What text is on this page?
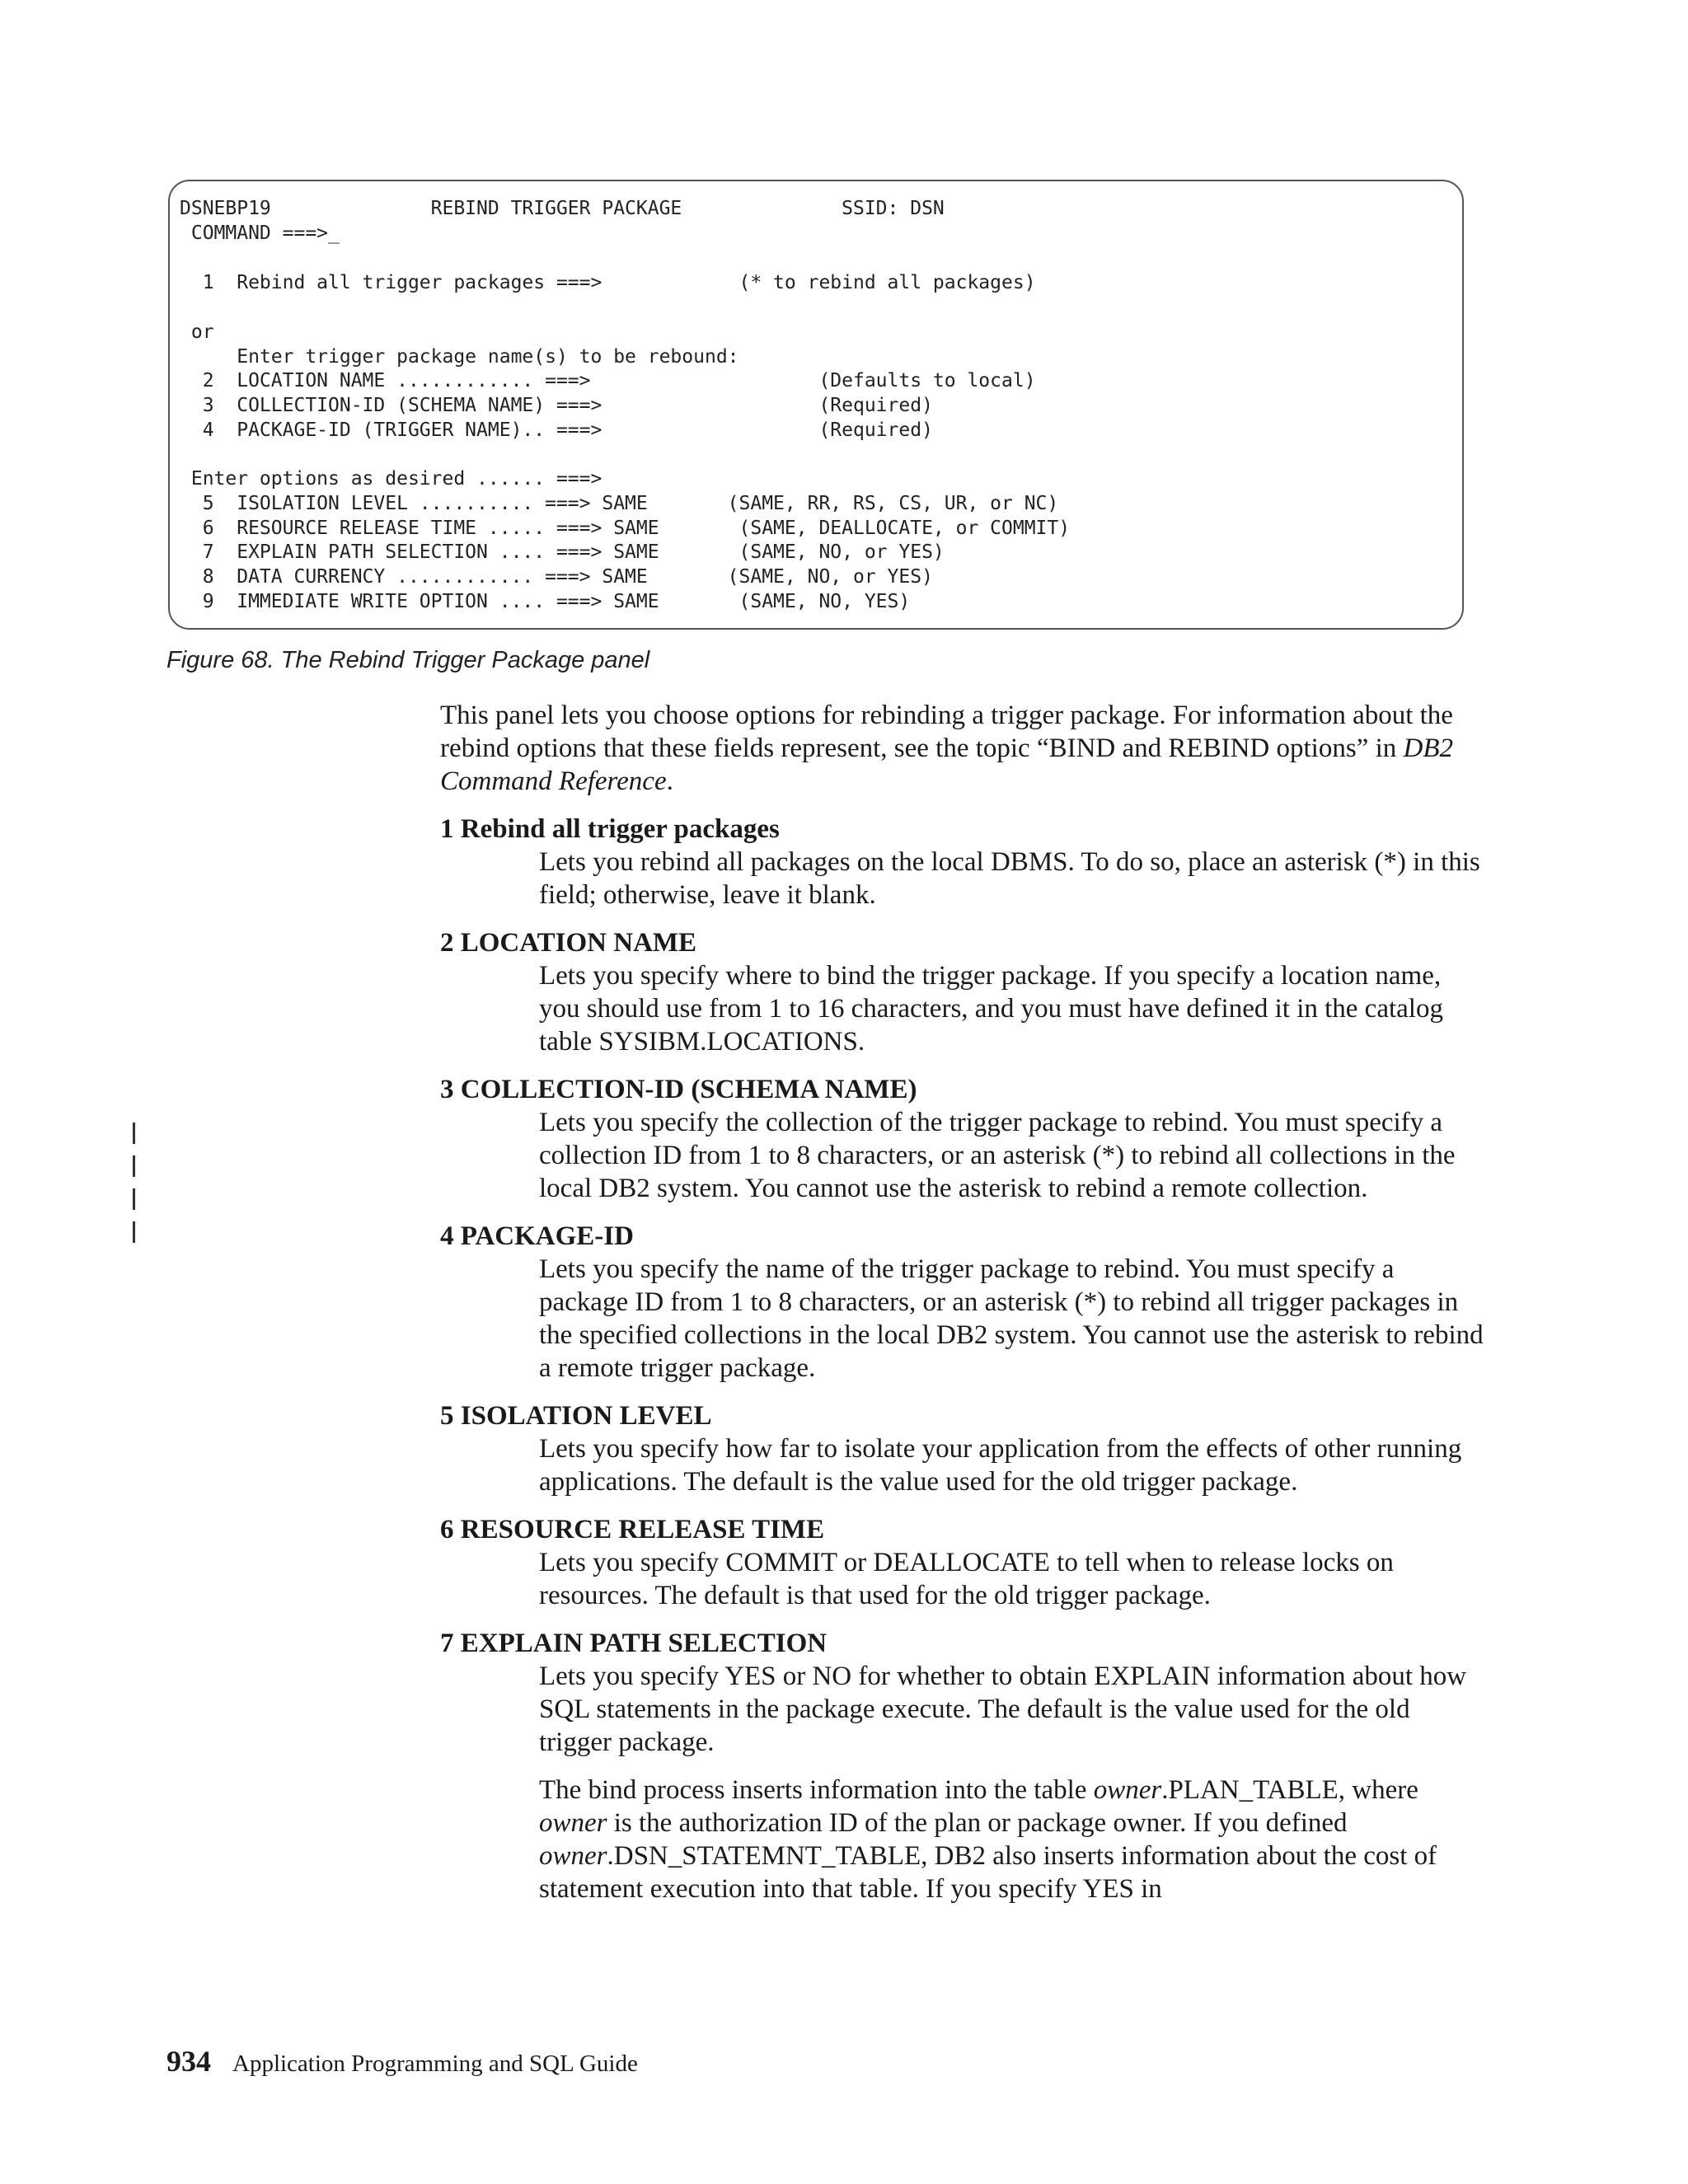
DSNEBP19              REBIND TRIGGER PACKAGE              SSID: DSN
COMMAND ===>_
1  Rebind all trigger packages ===>            (* to rebind all packages)
or
Enter trigger package name(s) to be rebound:
2  LOCATION NAME ............ ===>                    (Defaults to local)
3  COLLECTION-ID (SCHEMA NAME) ===>                   (Required)
4  PACKAGE-ID (TRIGGER NAME).. ===>                   (Required)
Enter options as desired ...... ===>
5  ISOLATION LEVEL .......... ===> SAME       (SAME, RR, RS, CS, UR, or NC)
6  RESOURCE RELEASE TIME ..... ===> SAME       (SAME, DEALLOCATE, or COMMIT)
7  EXPLAIN PATH SELECTION .... ===> SAME       (SAME, NO, or YES)
8  DATA CURRENCY ............ ===> SAME       (SAME, NO, or YES)
9  IMMEDIATE WRITE OPTION .... ===> SAME       (SAME, NO, YES)

Figure 68. The Rebind Trigger Package panel

This panel lets you choose options for rebinding a trigger package. For information about the rebind options that these fields represent, see the topic “BIND and REBIND options” in DB2 Command Reference.

1 Rebind all trigger packages

Lets you rebind all packages on the local DBMS. To do so, place an asterisk (*) in this field; otherwise, leave it blank.

2 LOCATION NAME

Lets you specify where to bind the trigger package. If you specify a location name, you should use from 1 to 16 characters, and you must have defined it in the catalog table SYSIBM.LOCATIONS.

3 COLLECTION-ID (SCHEMA NAME)

Lets you specify the collection of the trigger package to rebind. You must specify a collection ID from 1 to 8 characters, or an asterisk (*) to rebind all collections in the local DB2 system. You cannot use the asterisk to rebind a remote collection.

4 PACKAGE-ID

Lets you specify the name of the trigger package to rebind. You must specify a package ID from 1 to 8 characters, or an asterisk (*) to rebind all trigger packages in the specified collections in the local DB2 system. You cannot use the asterisk to rebind a remote trigger package.

5 ISOLATION LEVEL

Lets you specify how far to isolate your application from the effects of other running applications. The default is the value used for the old trigger package.

6 RESOURCE RELEASE TIME

Lets you specify COMMIT or DEALLOCATE to tell when to release locks on resources. The default is that used for the old trigger package.

7 EXPLAIN PATH SELECTION

Lets you specify YES or NO for whether to obtain EXPLAIN information about how SQL statements in the package execute. The default is the value used for the old trigger package.

The bind process inserts information into the table owner.PLAN_TABLE, where owner is the authorization ID of the plan or package owner. If you defined owner.DSN_STATEMNT_TABLE, DB2 also inserts information about the cost of statement execution into that table. If you specify YES in

934 Application Programming and SQL Guide
